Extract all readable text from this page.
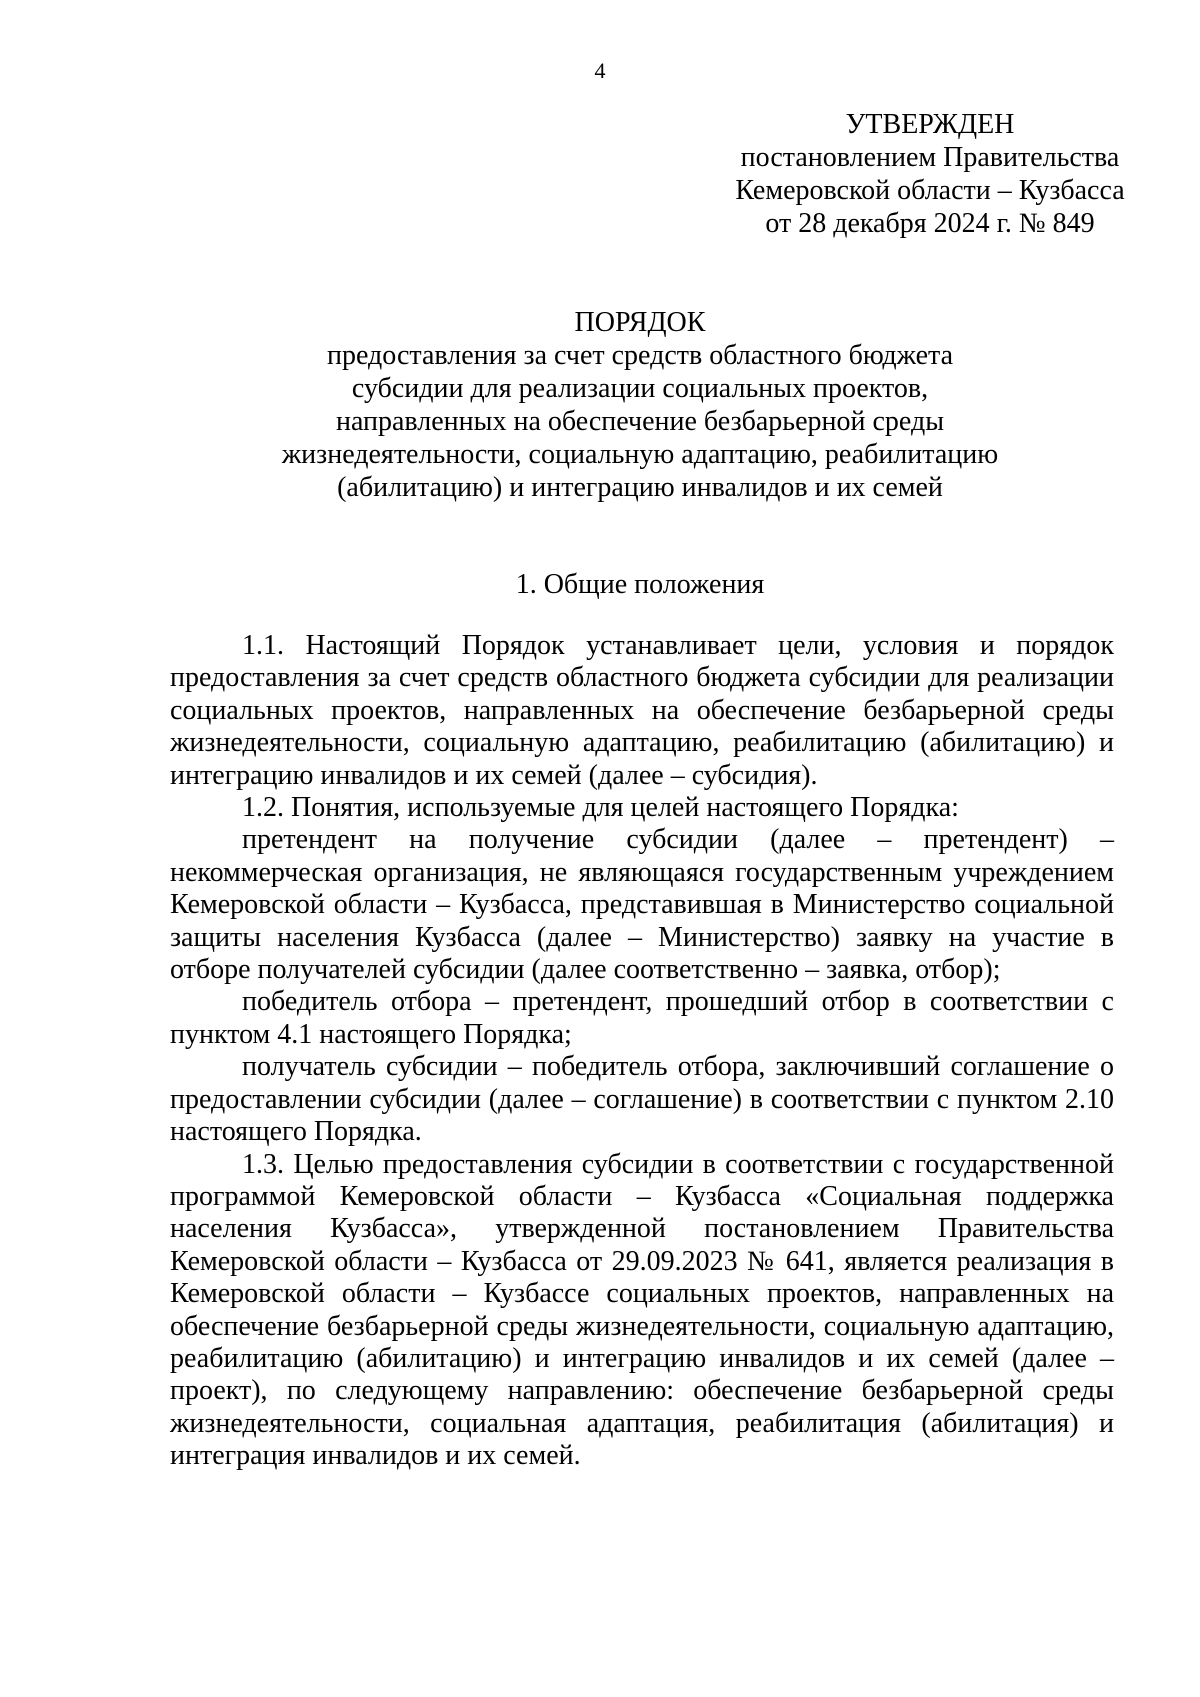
4
УТВЕРЖДЕН
постановлением Правительства
Кемеровской области – Кузбасса
от 28 декабря 2024 г. № 849
ПОРЯДОК
предоставления за счет средств областного бюджета
субсидии для реализации социальных проектов,
направленных на обеспечение безбарьерной среды
жизнедеятельности, социальную адаптацию, реабилитацию
(абилитацию) и интеграцию инвалидов и их семей
1. Общие положения

1.1. Настоящий Порядок устанавливает цели, условия и порядок предоставления за счет средств областного бюджета субсидии для реализации социальных проектов, направленных на обеспечение безбарьерной среды жизнедеятельности, социальную адаптацию, реабилитацию (абилитацию) и интеграцию инвалидов и их семей (далее – субсидия).

1.2. Понятия, используемые для целей настоящего Порядка:

претендент на получение субсидии (далее – претендент) – некоммерческая организация, не являющаяся государственным учреждением Кемеровской области – Кузбасса, представившая в Министерство социальной защиты населения Кузбасса (далее – Министерство) заявку на участие в отборе получателей субсидии (далее соответственно – заявка, отбор);

победитель отбора – претендент, прошедший отбор в соответствии с пунктом 4.1 настоящего Порядка;

получатель субсидии – победитель отбора, заключивший соглашение о предоставлении субсидии (далее – соглашение) в соответствии с пунктом 2.10 настоящего Порядка.

1.3. Целью предоставления субсидии в соответствии с государственной программой Кемеровской области – Кузбасса «Социальная поддержка населения Кузбасса», утвержденной постановлением Правительства Кемеровской области – Кузбасса от 29.09.2023 № 641, является реализация в Кемеровской области – Кузбассе социальных проектов, направленных на обеспечение безбарьерной среды жизнедеятельности, социальную адаптацию, реабилитацию (абилитацию) и интеграцию инвалидов и их семей (далее – проект), по следующему направлению: обеспечение безбарьерной среды жизнедеятельности, социальная адаптация, реабилитация (абилитация) и интеграция инвалидов и их семей.
